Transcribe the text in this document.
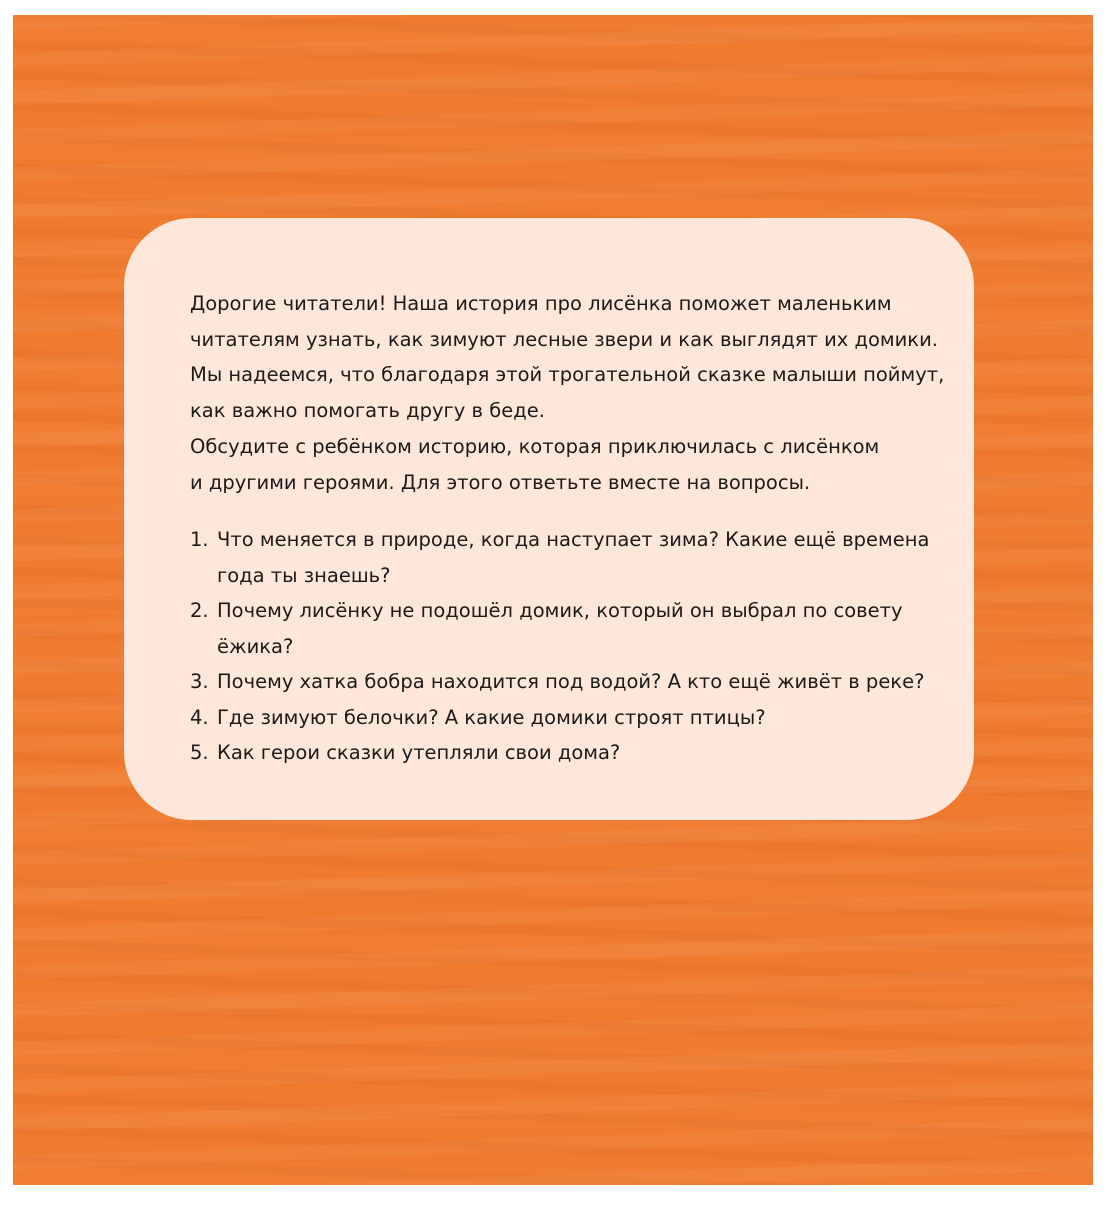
Дорогие читатели! Наша история про лисёнка поможет маленьким

читателям узнать, как зимуют лесные звери и как выглядят их домики.

Мы надеемся, что благодаря этой трогательной сказке малыши поймут,

как важно помогать другу в беде.

Обсудите с ребёнком историю, которая приключилась с лисёнком

и другими героями. Для этого ответьте вместе на вопросы.

1. Что меняется в природе, когда наступает зима? Какие ещё времена
года ты знаешь?
2. Почему лисёнку не подошёл домик, который он выбрал по совету
ёжика?
3. Почему хатка бобра находится под водой? А кто ещё живёт в реке?
4. Где зимуют белочки? А какие домики строят птицы?
5. Как герои сказки утепляли свои дома?
